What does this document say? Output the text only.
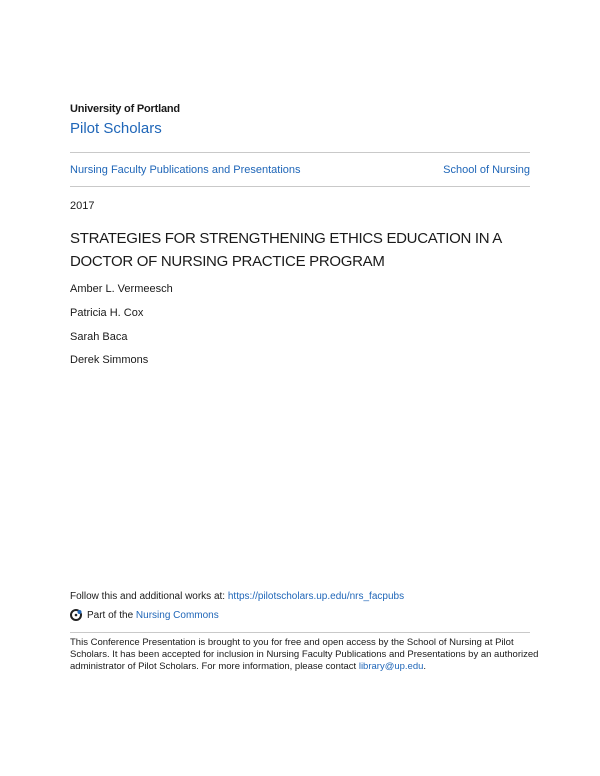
University of Portland
Pilot Scholars
Nursing Faculty Publications and Presentations	School of Nursing
2017
STRATEGIES FOR STRENGTHENING ETHICS EDUCATION IN A DOCTOR OF NURSING PRACTICE PROGRAM
Amber L. Vermeesch
Patricia H. Cox
Sarah Baca
Derek Simmons
Follow this and additional works at: https://pilotscholars.up.edu/nrs_facpubs
Part of the
Nursing Commons
This Conference Presentation is brought to you for free and open access by the School of Nursing at Pilot Scholars. It has been accepted for inclusion in Nursing Faculty Publications and Presentations by an authorized administrator of Pilot Scholars. For more information, please contact library@up.edu.
